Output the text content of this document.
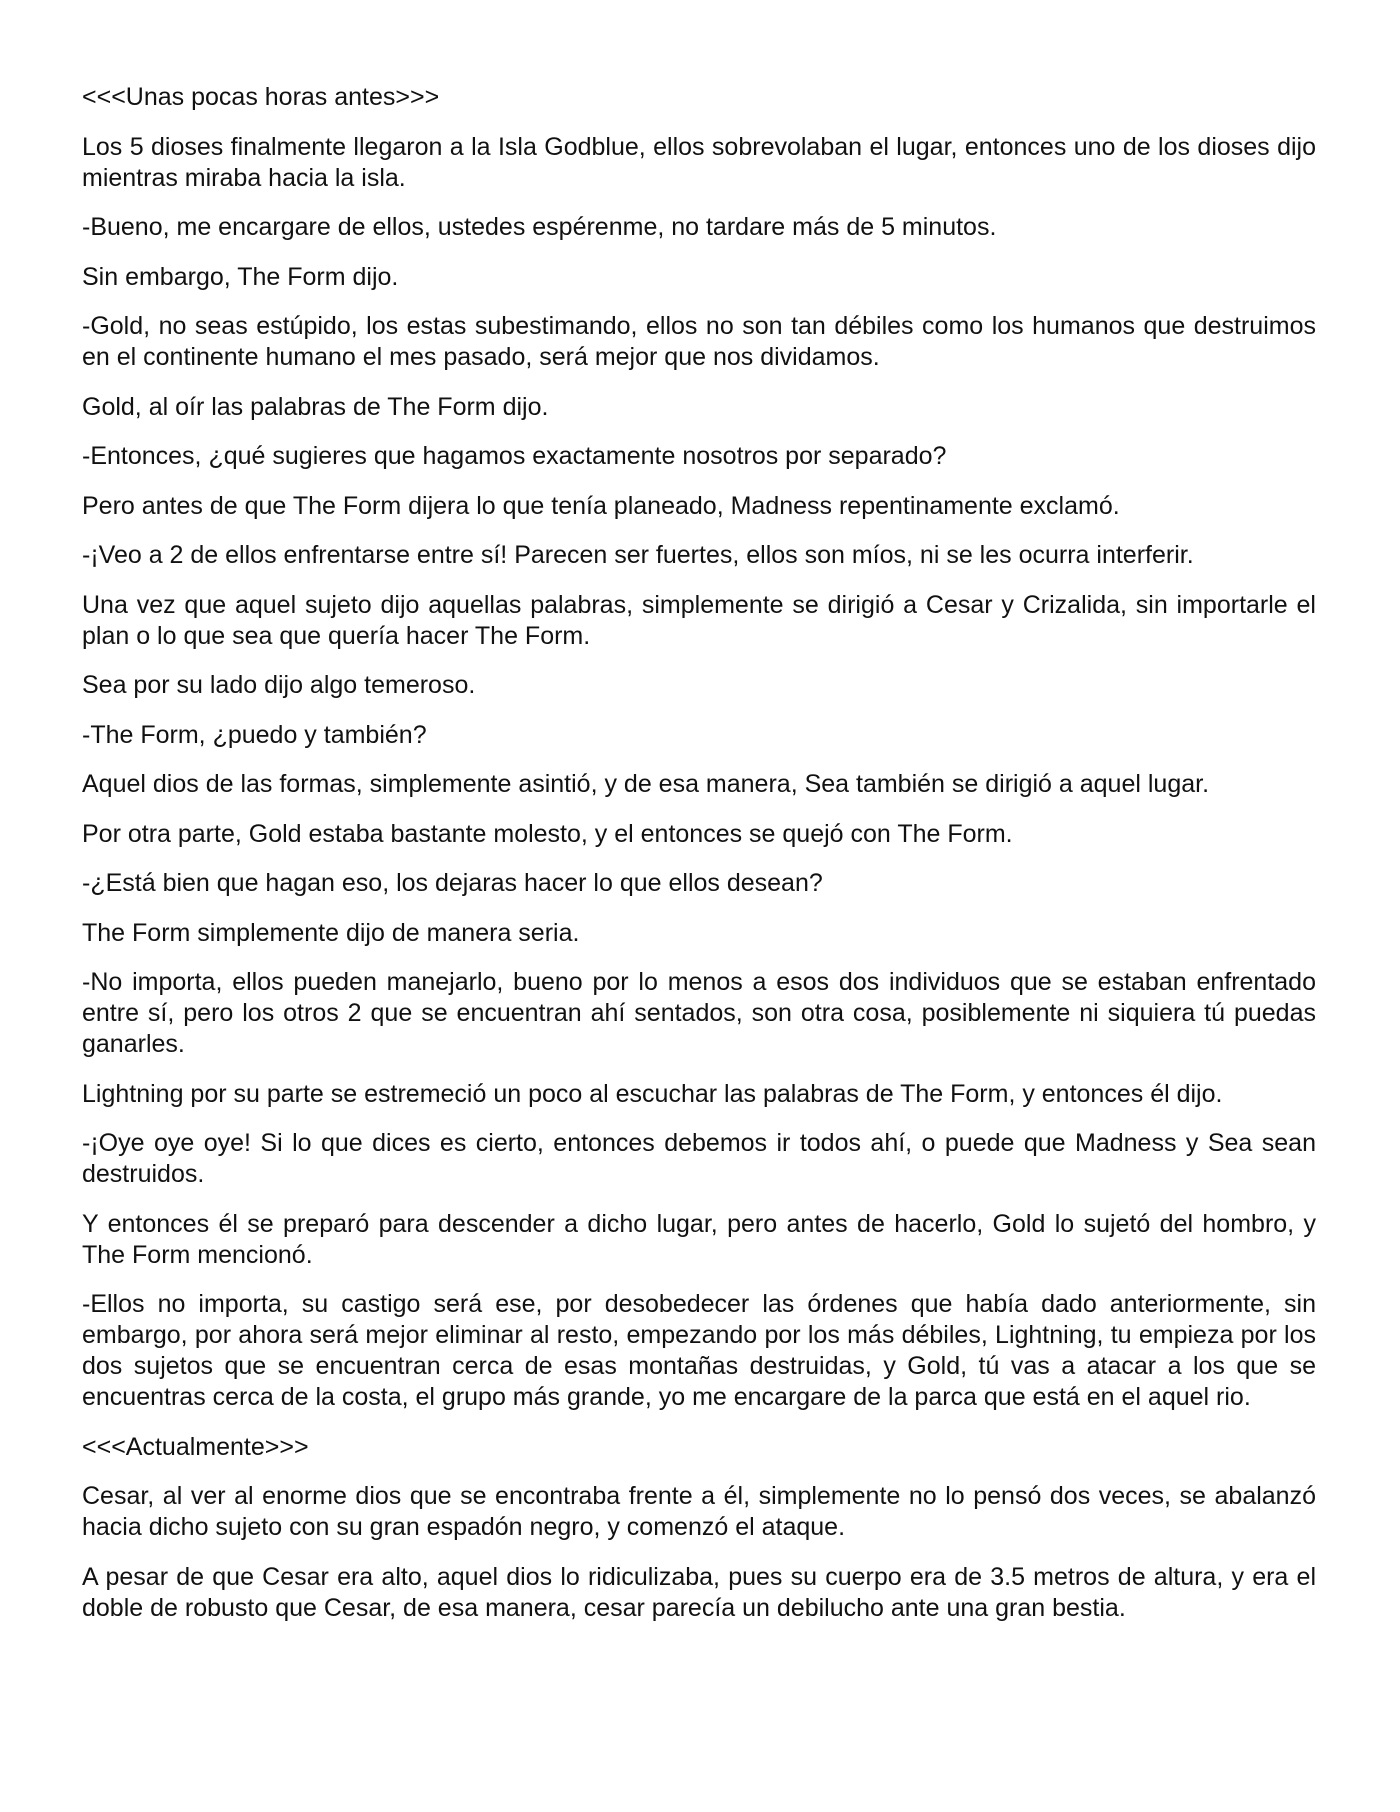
<<<Unas pocas horas antes>>>

Los 5 dioses finalmente llegaron a la Isla Godblue, ellos sobrevolaban el lugar, entonces uno de los dioses dijo mientras miraba hacia la isla.

-Bueno, me encargare de ellos, ustedes espérenme, no tardare más de 5 minutos.

Sin embargo, The Form dijo.

-Gold, no seas estúpido, los estas subestimando, ellos no son tan débiles como los humanos que destruimos en el continente humano el mes pasado, será mejor que nos dividamos.

Gold, al oír las palabras de The Form dijo.

-Entonces, ¿qué sugieres que hagamos exactamente nosotros por separado?

Pero antes de que The Form dijera lo que tenía planeado, Madness repentinamente exclamó.

-¡Veo a 2 de ellos enfrentarse entre sí! Parecen ser fuertes, ellos son míos, ni se les ocurra interferir.

Una vez que aquel sujeto dijo aquellas palabras, simplemente se dirigió a Cesar y Crizalida, sin importarle el plan o lo que sea que quería hacer The Form.

Sea por su lado dijo algo temeroso.

-The Form, ¿puedo y también?

Aquel dios de las formas, simplemente asintió, y de esa manera, Sea también se dirigió a aquel lugar.

Por otra parte, Gold estaba bastante molesto, y el entonces se quejó con The Form.

-¿Está bien que hagan eso, los dejaras hacer lo que ellos desean?

The Form simplemente dijo de manera seria.

-No importa, ellos pueden manejarlo, bueno por lo menos a esos dos individuos que se estaban enfrentado entre sí, pero los otros 2 que se encuentran ahí sentados, son otra cosa, posiblemente ni siquiera tú puedas ganarles.

Lightning por su parte se estremeció un poco al escuchar las palabras de The Form, y entonces él dijo.

-¡Oye oye oye! Si lo que dices es cierto, entonces debemos ir todos ahí, o puede que Madness y Sea sean destruidos.

Y entonces él se preparó para descender a dicho lugar, pero antes de hacerlo, Gold lo sujetó del hombro, y The Form mencionó.

-Ellos no importa, su castigo será ese, por desobedecer las órdenes que había dado anteriormente, sin embargo, por ahora será mejor eliminar al resto, empezando por los más débiles, Lightning, tu empieza por los dos sujetos que se encuentran cerca de esas montañas destruidas, y Gold, tú vas a atacar a los que se encuentras cerca de la costa, el grupo más grande, yo me encargare de la parca que está en el aquel rio.

<<<Actualmente>>>

Cesar, al ver al enorme dios que se encontraba frente a él, simplemente no lo pensó dos veces, se abalanzó hacia dicho sujeto con su gran espadón negro, y comenzó el ataque.

A pesar de que Cesar era alto, aquel dios lo ridiculizaba, pues su cuerpo era de 3.5 metros de altura, y era el doble de robusto que Cesar, de esa manera, cesar parecía un debilucho ante una gran bestia.
